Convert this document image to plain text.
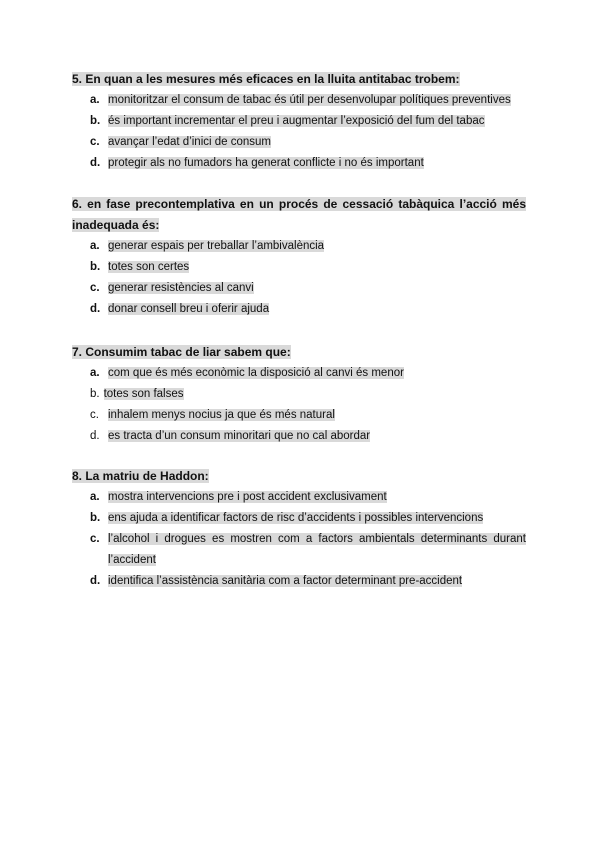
5. En quan a les mesures més eficaces en la lluita antitabac trobem:

a. monitoritzar el consum de tabac és útil per desenvolupar polítiques preventives
b. és important incrementar el preu i augmentar l’exposició del fum del tabac
c. avançar l’edat d’inici de consum
d. protegir als no fumadors ha generat conflicte i no és important

6. en fase precontemplativa en un procés de cessació tabàquica l’acció més inadequada és:

a. generar espais per treballar l’ambivalència
b. totes son certes
c. generar resistències al canvi
d. donar consell breu i oferir ajuda

7. Consumim tabac de liar sabem que:

a. com que és més econòmic la disposició al canvi és menor
b. totes son falses
c. inhalem menys nocius ja que és més natural
d. es tracta d’un consum minoritari que no cal abordar

8. La matriu de Haddon:

a. mostra intervencions pre i post accident exclusivament
b. ens ajuda a identificar factors de risc d’accidents i possibles intervencions
c. l’alcohol i drogues es mostren com a factors ambientals determinants durant l’accident
d. identifica l’assistència sanitària com a factor determinant pre-accident
